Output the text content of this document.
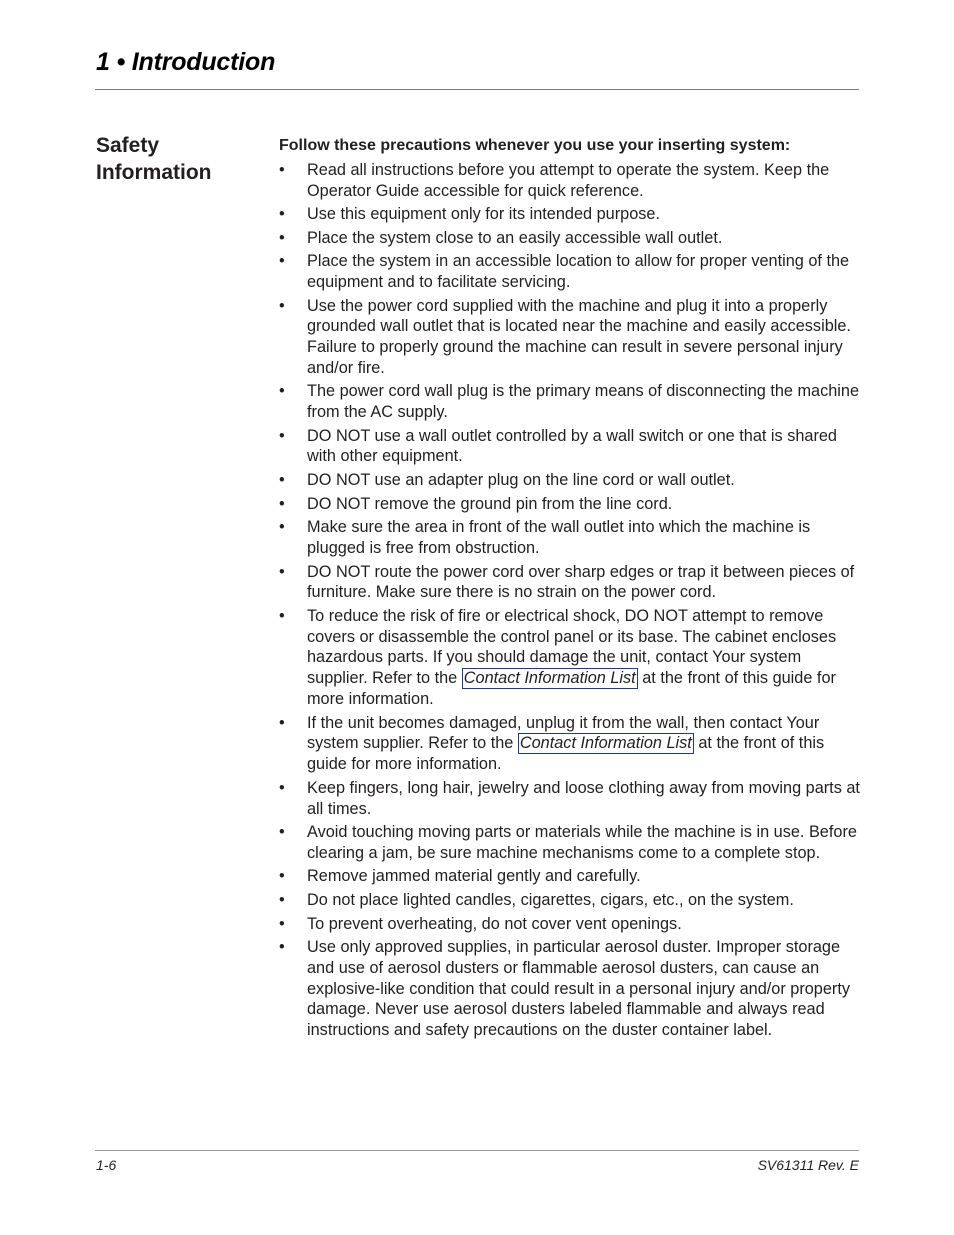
1 • Introduction
Safety Information

Follow these precautions whenever you use your inserting system:

• Read all instructions before you attempt to operate the system. Keep the Operator Guide accessible for quick reference.
• Use this equipment only for its intended purpose.
• Place the system close to an easily accessible wall outlet.
• Place the system in an accessible location to allow for proper venting of the equipment and to facilitate servicing.
• Use the power cord supplied with the machine and plug it into a properly grounded wall outlet that is located near the machine and easily accessible. Failure to properly ground the machine can result in severe personal injury and/or fire.
• The power cord wall plug is the primary means of disconnecting the machine from the AC supply.
• DO NOT use a wall outlet controlled by a wall switch or one that is shared with other equipment.
• DO NOT use an adapter plug on the line cord or wall outlet.
• DO NOT remove the ground pin from the line cord.
• Make sure the area in front of the wall outlet into which the machine is plugged is free from obstruction.
• DO NOT route the power cord over sharp edges or trap it between pieces of furniture. Make sure there is no strain on the power cord.
• To reduce the risk of fire or electrical shock, DO NOT attempt to remove covers or disassemble the control panel or its base. The cabinet encloses hazardous parts. If you should damage the unit, contact Your system supplier. Refer to the Contact Information List at the front of this guide for more information.
• If the unit becomes damaged, unplug it from the wall, then contact Your system supplier. Refer to the Contact Information List at the front of this guide for more information.
• Keep fingers, long hair, jewelry and loose clothing away from moving parts at all times.
• Avoid touching moving parts or materials while the machine is in use. Before clearing a jam, be sure machine mechanisms come to a complete stop.
• Remove jammed material gently and carefully.
• Do not place lighted candles, cigarettes, cigars, etc., on the system.
• To prevent overheating, do not cover vent openings.
• Use only approved supplies, in particular aerosol duster. Improper storage and use of aerosol dusters or flammable aerosol dusters, can cause an explosive-like condition that could result in a personal injury and/or property damage. Never use aerosol dusters labeled flammable and always read instructions and safety precautions on the duster container label.
1-6	SV61311 Rev. E
